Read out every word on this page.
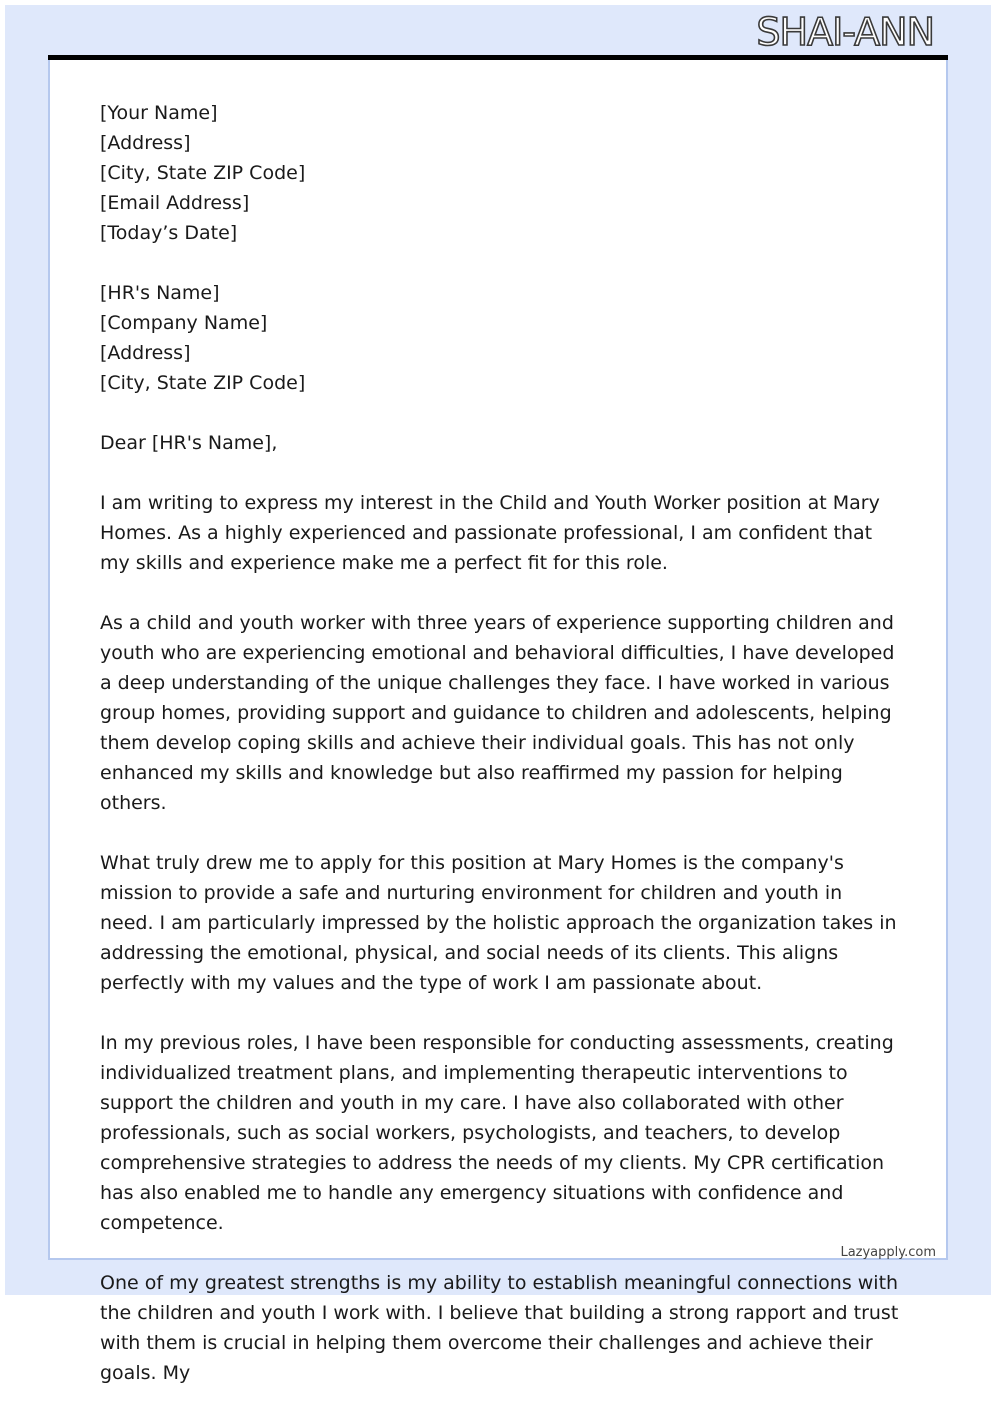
SHAI-ANN

[Your Name]

[Address]

[City, State ZIP Code]

[Email Address]

[Today’s Date]

[HR's Name]

[Company Name]

[Address]

[City, State ZIP Code]

Dear [HR's Name],

I am writing to express my interest in the Child and Youth Worker position at Mary Homes. As a highly experienced and passionate professional, I am confident that my skills and experience make me a perfect fit for this role.

As a child and youth worker with three years of experience supporting children and youth who are experiencing emotional and behavioral difficulties, I have developed a deep understanding of the unique challenges they face. I have worked in various group homes, providing support and guidance to children and adolescents, helping them develop coping skills and achieve their individual goals. This has not only enhanced my skills and knowledge but also reaffirmed my passion for helping others.

What truly drew me to apply for this position at Mary Homes is the company's mission to provide a safe and nurturing environment for children and youth in need. I am particularly impressed by the holistic approach the organization takes in addressing the emotional, physical, and social needs of its clients. This aligns perfectly with my values and the type of work I am passionate about.

In my previous roles, I have been responsible for conducting assessments, creating individualized treatment plans, and implementing therapeutic interventions to support the children and youth in my care. I have also collaborated with other professionals, such as social workers, psychologists, and teachers, to develop comprehensive strategies to address the needs of my clients. My CPR certification has also enabled me to handle any emergency situations with confidence and competence.

One of my greatest strengths is my ability to establish meaningful connections with the children and youth I work with. I believe that building a strong rapport and trust with them is crucial in helping them overcome their challenges and achieve their goals. My

Lazyapply.com
